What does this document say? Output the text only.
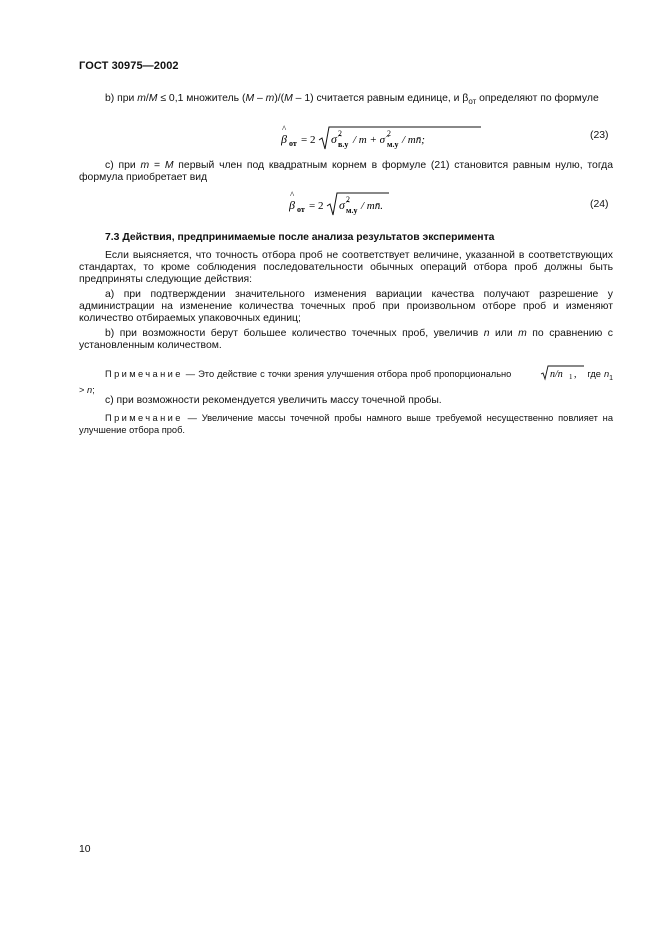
ГОСТ 30975—2002
b) при m/M ≤ 0,1 множитель (M – m)/(M – 1) считается равным единице, и $\beta_{от}$ определяют по формуле
β
^
от = 2 σ̂ 2
в.у / m + σ̂
2
м.у / mn̄;	(23)
с) при m = M первый член под квадратным корнем в формуле (21) становится равным нулю, тогда формула приобретает вид
β
^
от = 2 σ̂ 2
м.у / mn̄.	(24)
7.3 Действия, предпринимаемые после анализа результатов эксперимента
Если выясняется, что точность отбора проб не соответствует величине, указанной в соответствующих стандартах, то кроме соблюдения последовательности обычных операций отбора проб должны быть предприняты следующие действия:
а) при подтверждении значительного изменения вариации качества получают разрешение у администрации на изменение количества точечных проб при произвольном отборе проб и изменяют количество отбираемых упаковочных единиц;
b) при возможности берут большее количество точечных проб, увеличив n или m по сравнению с установленным количеством.
Примечание — Это действие с точки зрения улучшения отбора проб пропорционально	n/n 1 , где $n_1 > n$;
с) при возможности рекомендуется увеличить массу точечной пробы.
Примечание — Увеличение массы точечной пробы намного выше требуемой несущественно повлияет на улучшение отбора проб.
10
